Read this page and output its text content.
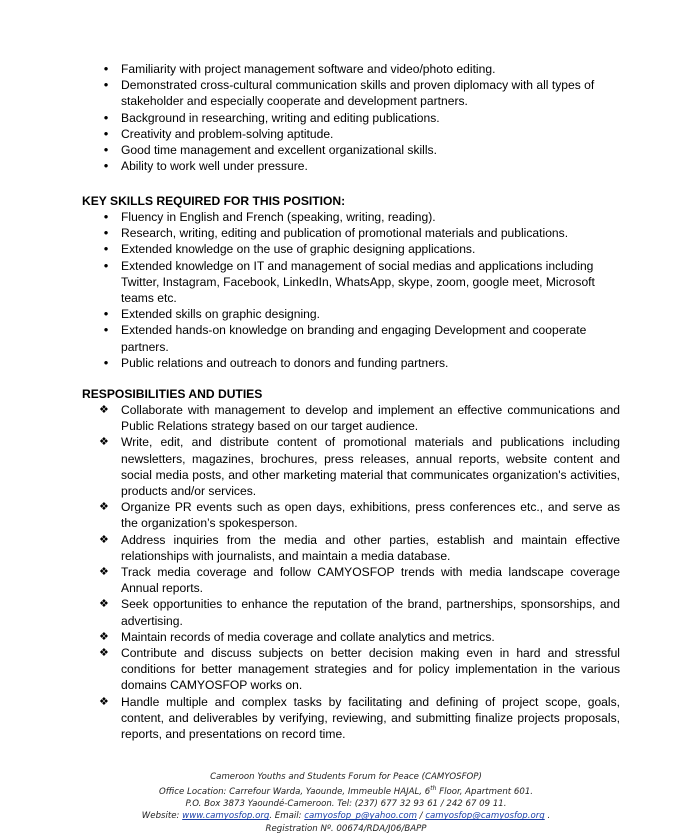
•	Familiarity with project management software and video/photo editing.
•	Demonstrated cross-cultural communication skills and proven diplomacy with all types of stakeholder and especially cooperate and development partners.
•	Background in researching, writing and editing publications.
•	Creativity and problem-solving aptitude.
•	Good time management and excellent organizational skills.
•	Ability to work well under pressure.
KEY SKILLS REQUIRED FOR THIS POSITION:
•	Fluency in English and French (speaking, writing, reading).
•	Research, writing, editing and publication of promotional materials and publications.
•	Extended knowledge on the use of graphic designing applications.
•	Extended knowledge on IT and management of social medias and applications including Twitter, Instagram, Facebook, LinkedIn, WhatsApp, skype, zoom, google meet, Microsoft teams etc.
•	Extended skills on graphic designing.
•	Extended hands-on knowledge on branding and engaging Development and cooperate partners.
•	Public relations and outreach to donors and funding partners.
RESPOSIBILITIES AND DUTIES
❖	Collaborate with management to develop and implement an effective communications and Public Relations strategy based on our target audience.
❖	Write, edit, and distribute content of promotional materials and publications including newsletters, magazines, brochures, press releases, annual reports, website content and social media posts, and other marketing material that communicates organization's activities, products and/or services.
❖	Organize PR events such as open days, exhibitions, press conferences etc., and serve as the organization’s spokesperson.
❖	Address inquiries from the media and other parties, establish and maintain effective relationships with journalists, and maintain a media database.
❖	Track media coverage and follow CAMYOSFOP trends with media landscape coverage Annual reports.
❖	Seek opportunities to enhance the reputation of the brand, partnerships, sponsorships, and advertising.
❖	Maintain records of media coverage and collate analytics and metrics.
❖	Contribute and discuss subjects on better decision making even in hard and stressful conditions for better management strategies and for policy implementation in the various domains CAMYOSFOP works on.
❖	Handle multiple and complex tasks by facilitating and defining of project scope, goals, content, and deliverables by verifying, reviewing, and submitting finalize projects proposals, reports, and presentations on record time.
Cameroon Youths and Students Forum for Peace (CAMYOSFOP)
Office Location: Carrefour Warda, Yaounde, Immeuble HAJAL, 6th Floor, Apartment 601.
P.O. Box 3873 Yaoundé-Cameroon. Tel: (237) 677 32 93 61 / 242 67 09 11.
Website: www.camyosfop.org. Email: camyosfop_p@yahoo.com / camyosfop@camyosfop.org .
Registration Nº. 00674/RDA/J06/BAPP
